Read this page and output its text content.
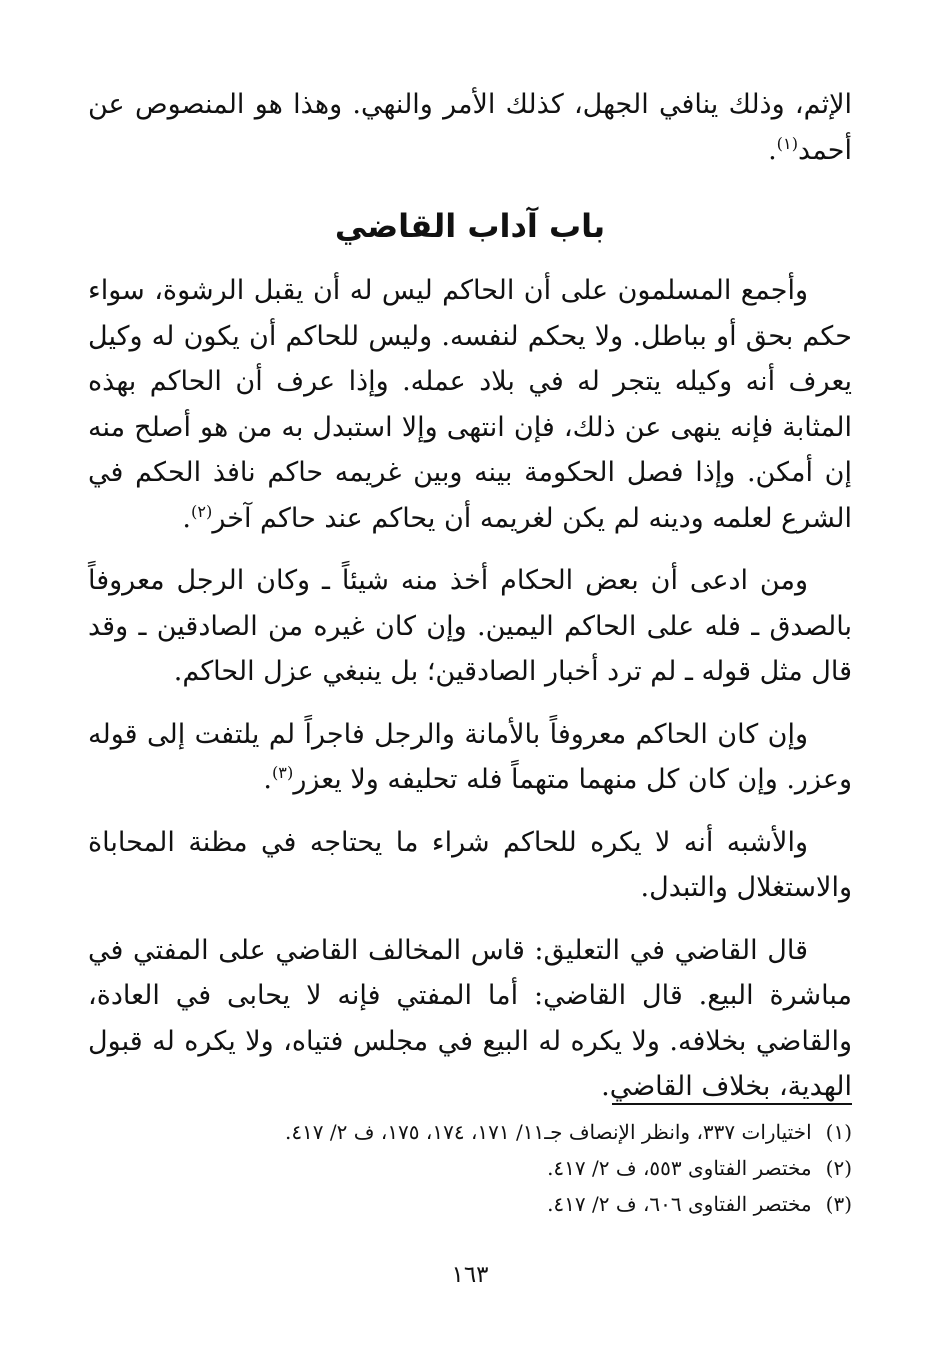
الإثم، وذلك ينافي الجهل، كذلك الأمر والنهي. وهذا هو المنصوص عن أحمد$^{(١)}$.
باب آداب القاضي

وأجمع المسلمون على أن الحاكم ليس له أن يقبل الرشوة، سواء حكم بحق أو بباطل. ولا يحكم لنفسه. وليس للحاكم أن يكون له وكيل يعرف أنه وكيله يتجر له في بلاد عمله. وإذا عرف أن الحاكم بهذه المثابة فإنه ينهى عن ذلك، فإن انتهى وإلا استبدل به من هو أصلح منه إن أمكن. وإذا فصل الحكومة بينه وبين غريمه حاكم نافذ الحكم في الشرع لعلمه ودينه لم يكن لغريمه أن يحاكم عند حاكم آخر$^{(٢)}$.

ومن ادعى أن بعض الحكام أخذ منه شيئاً ـ وكان الرجل معروفاً بالصدق ـ فله على الحاكم اليمين. وإن كان غيره من الصادقين ـ وقد قال مثل قوله ـ لم ترد أخبار الصادقين؛ بل ينبغي عزل الحاكم.

وإن كان الحاكم معروفاً بالأمانة والرجل فاجراً لم يلتفت إلى قوله وعزر. وإن كان كل منهما متهماً فله تحليفه ولا يعزر$^{(٣)}$.

والأشبه أنه لا يكره للحاكم شراء ما يحتاجه في مظنة المحاباة والاستغلال والتبدل.

قال القاضي في التعليق: قاس المخالف القاضي على المفتي في مباشرة البيع. قال القاضي: أما المفتي فإنه لا يحابى في العادة، والقاضي بخلافه. ولا يكره له البيع في مجلس فتياه، ولا يكره له قبول الهدية، بخلاف القاضي.

(١)اختيارات ٣٣٧، وانظر الإنصاف جـ١١/ ١٧١، ١٧٤، ١٧٥، ف ٢/ ٤١٧.
(٢)مختصر الفتاوى ٥٥٣، ف ٢/ ٤١٧.
(٣)مختصر الفتاوى ٦٠٦، ف ٢/ ٤١٧.
١٦٣
